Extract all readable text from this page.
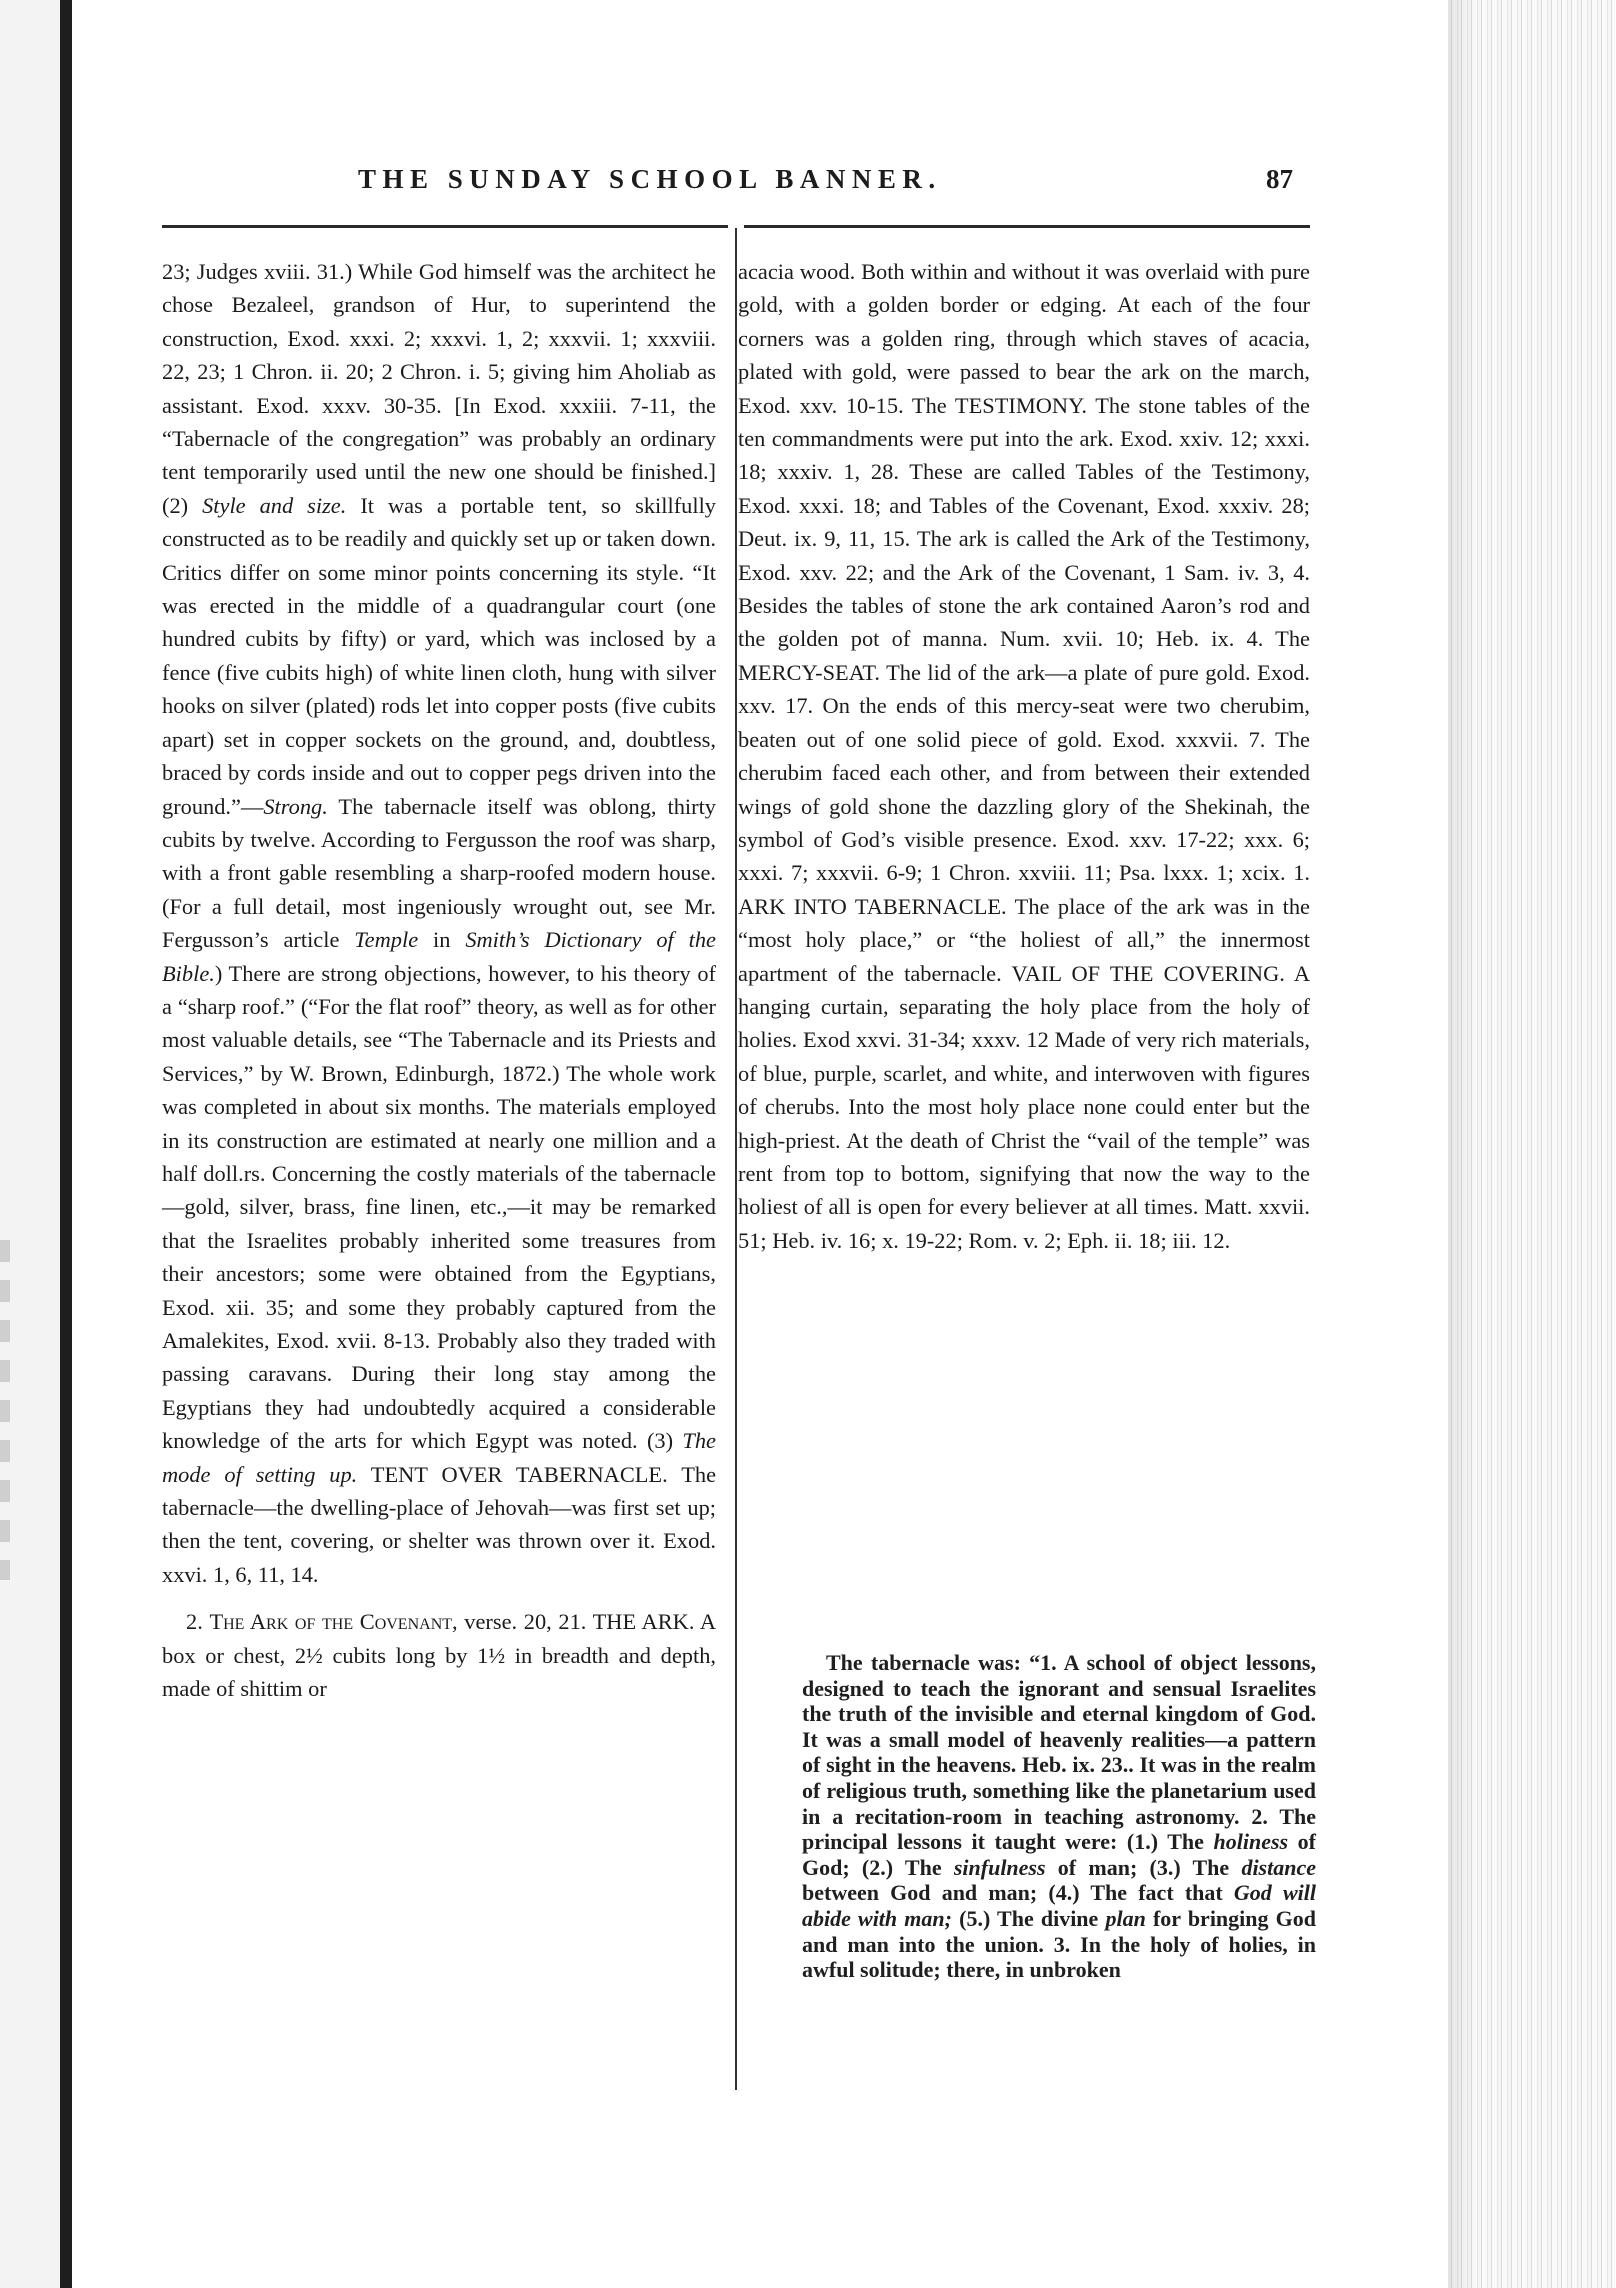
THE SUNDAY SCHOOL BANNER.	87

23; Judges xviii. 31.) While God himself was the architect he chose Bezaleel, grandson of Hur, to superintend the construction, Exod. xxxi. 2; xxxvi. 1, 2; xxxvii. 1; xxxviii. 22, 23; 1 Chron. ii. 20; 2 Chron. i. 5; giving him Aholiab as assistant. Exod. xxxv. 30-35. [In Exod. xxxiii. 7-11, the “Tabernacle of the congregation” was probably an ordinary tent temporarily used until the new one should be finished.] (2) Style and size. It was a portable tent, so skillfully constructed as to be readily and quickly set up or taken down. Critics differ on some minor points concerning its style. “It was erected in the middle of a quadrangular court (one hundred cubits by fifty) or yard, which was inclosed by a fence (five cubits high) of white linen cloth, hung with silver hooks on silver (plated) rods let into copper posts (five cubits apart) set in copper sockets on the ground, and, doubtless, braced by cords inside and out to copper pegs driven into the ground.”—Strong. The tabernacle itself was oblong, thirty cubits by twelve. According to Fergusson the roof was sharp, with a front gable resembling a sharp-roofed modern house. (For a full detail, most ingeniously wrought out, see Mr. Fergusson’s article Temple in Smith’s Dictionary of the Bible.) There are strong objections, however, to his theory of a “sharp roof.” (“For the flat roof” theory, as well as for other most valuable details, see “The Tabernacle and its Priests and Services,” by W. Brown, Edinburgh, 1872.) The whole work was completed in about six months. The materials employed in its construction are estimated at nearly one million and a half doll.rs. Concerning the costly materials of the tabernacle —gold, silver, brass, fine linen, etc.,—it may be remarked that the Israelites probably inherited some treasures from their ancestors; some were obtained from the Egyptians, Exod. xii. 35; and some they probably captured from the Amalekites, Exod. xvii. 8-13. Probably also they traded with passing caravans. During their long stay among the Egyptians they had undoubtedly acquired a considerable knowledge of the arts for which Egypt was noted. (3) The mode of setting up. TENT OVER TABERNACLE. The tabernacle—the dwelling-place of Jehovah—was first set up; then the tent, covering, or shelter was thrown over it. Exod. xxvi. 1, 6, 11, 14.

2. The Ark of the Covenant, verse. 20, 21. THE ARK. A box or chest, 2½ cubits long by 1½ in breadth and depth, made of shittim or

acacia wood. Both within and without it was overlaid with pure gold, with a golden border or edging. At each of the four corners was a golden ring, through which staves of acacia, plated with gold, were passed to bear the ark on the march, Exod. xxv. 10-15. The TESTIMONY. The stone tables of the ten commandments were put into the ark. Exod. xxiv. 12; xxxi. 18; xxxiv. 1, 28. These are called Tables of the Testimony, Exod. xxxi. 18; and Tables of the Covenant, Exod. xxxiv. 28; Deut. ix. 9, 11, 15. The ark is called the Ark of the Testimony, Exod. xxv. 22; and the Ark of the Covenant, 1 Sam. iv. 3, 4. Besides the tables of stone the ark contained Aaron’s rod and the golden pot of manna. Num. xvii. 10; Heb. ix. 4. The MERCY-SEAT. The lid of the ark—a plate of pure gold. Exod. xxv. 17. On the ends of this mercy-seat were two cherubim, beaten out of one solid piece of gold. Exod. xxxvii. 7. The cherubim faced each other, and from between their extended wings of gold shone the dazzling glory of the Shekinah, the symbol of God’s visible presence. Exod. xxv. 17-22; xxx. 6; xxxi. 7; xxxvii. 6-9; 1 Chron. xxviii. 11; Psa. lxxx. 1; xcix. 1. ARK INTO TABERNACLE. The place of the ark was in the “most holy place,” or “the holiest of all,” the innermost apartment of the tabernacle. VAIL OF THE COVERING. A hanging curtain, separating the holy place from the holy of holies. Exod xxvi. 31-34; xxxv. 12 Made of very rich materials, of blue, purple, scarlet, and white, and interwoven with figures of cherubs. Into the most holy place none could enter but the high-priest. At the death of Christ the “vail of the temple” was rent from top to bottom, signifying that now the way to the holiest of all is open for every believer at all times. Matt. xxvii. 51; Heb. iv. 16; x. 19-22; Rom. v. 2; Eph. ii. 18; iii. 12.

The tabernacle was: “1. A school of object lessons, designed to teach the ignorant and sensual Israelites the truth of the invisible and eternal kingdom of God. It was a small model of heavenly realities—a pattern of sight in the heavens. Heb. ix. 23.. It was in the realm of religious truth, something like the planetarium used in a recitation-room in teaching astronomy. 2. The principal lessons it taught were: (1.) The holiness of God; (2.) The sinfulness of man; (3.) The distance between God and man; (4.) The fact that God will abide with man; (5.) The divine plan for bringing God and man into the union. 3. In the holy of holies, in awful solitude; there, in unbroken
